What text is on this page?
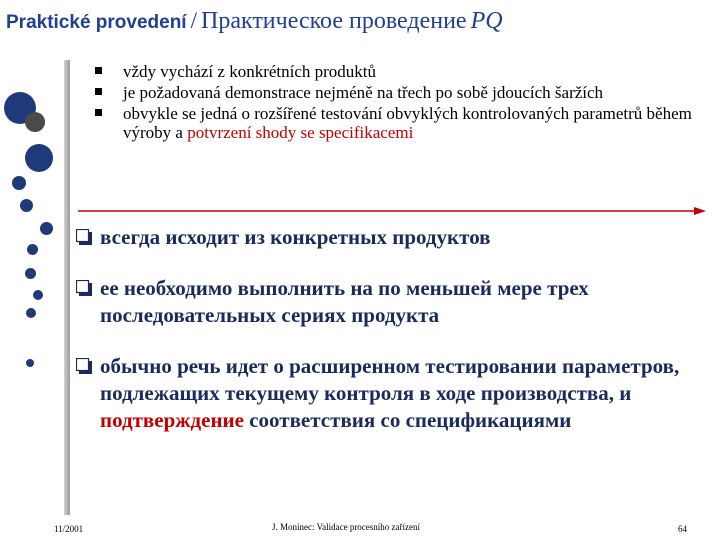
Praktické provedení / Практическое проведение PQ
vždy vychází z konkrétních produktů
je požadovaná demonstrace nejméně na třech po sobě jdoucích šaržích
obvykle se jedná o rozšířené testování obvyklých kontrolovaných parametrů během výroby a potvrzení shody se specifikacemi
всегда исходит из конкретных продуктов
ее необходимо выполнить на по меньшей мере трех последовательных сериях продукта
обычно речь идет о расширенном тестировании параметров, подлежащих текущему контроля в ходе производства, и подтверждение соответствия со спецификациями
11/2001	J. Moninec: Validace procesního zařízení	64
